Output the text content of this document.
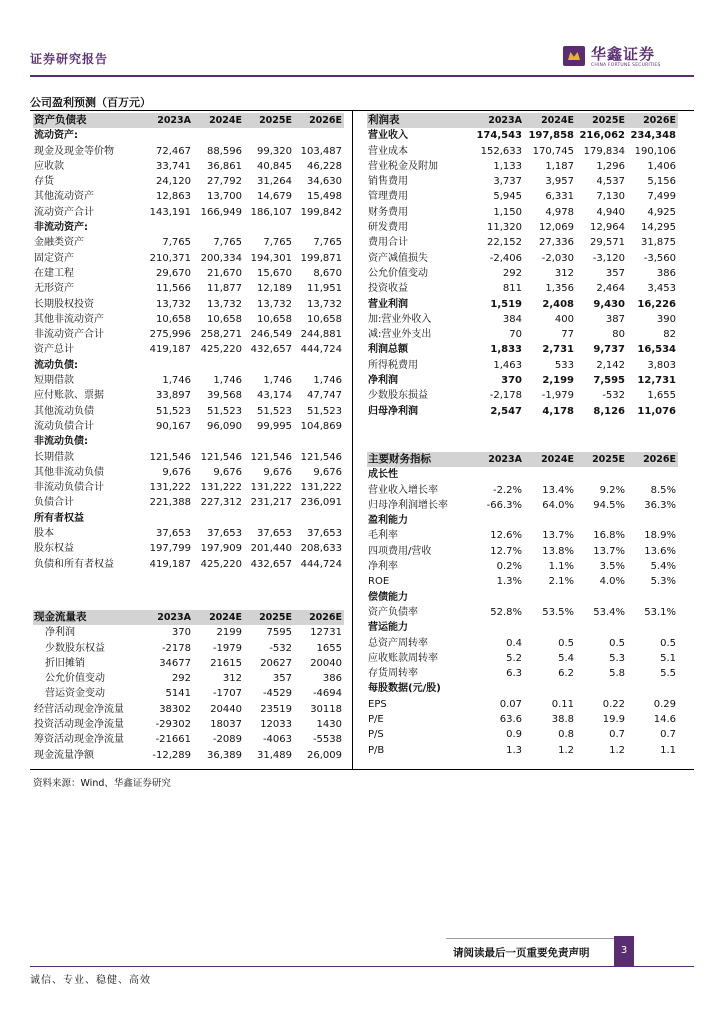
证券研究报告	华鑫证券
CHINA FORTUNE SECURITIES
公司盈利预测（百万元）
资产负债表	2023A	2024E	2025E	2026E
流动资产:				
现金及现金等价物	72,467	88,596	99,320	103,487
应收款	33,741	36,861	40,845	46,228
存货	24,120	27,792	31,264	34,630
其他流动资产	12,863	13,700	14,679	15,498
流动资产合计	143,191	166,949	186,107	199,842
非流动资产:				
金融类资产	7,765	7,765	7,765	7,765
固定资产	210,371	200,334	194,301	199,871
在建工程	29,670	21,670	15,670	8,670
无形资产	11,566	11,877	12,189	11,951
长期股权投资	13,732	13,732	13,732	13,732
其他非流动资产	10,658	10,658	10,658	10,658
非流动资产合计	275,996	258,271	246,549	244,881
资产总计	419,187	425,220	432,657	444,724
流动负债:				
短期借款	1,746	1,746	1,746	1,746
应付账款、票据	33,897	39,568	43,174	47,747
其他流动负债	51,523	51,523	51,523	51,523
流动负债合计	90,167	96,090	99,995	104,869
非流动负债:				
长期借款	121,546	121,546	121,546	121,546
其他非流动负债	9,676	9,676	9,676	9,676
非流动负债合计	131,222	131,222	131,222	131,222
负债合计	221,388	227,312	231,217	236,091
所有者权益				
股本	37,653	37,653	37,653	37,653
股东权益	197,799	197,909	201,440	208,633
负债和所有者权益	419,187	425,220	432,657	444,724
现金流量表	2023A	2024E	2025E	2026E
净利润	370	2199	7595	12731
少数股东权益	-2178	-1979	-532	1655
折旧摊销	34677	21615	20627	20040
公允价值变动	292	312	357	386
营运资金变动	5141	-1707	-4529	-4694
经营活动现金净流量	38302	20440	23519	30118
投资活动现金净流量	-29302	18037	12033	1430
筹资活动现金净流量	-21661	-2089	-4063	-5538
现金流量净额	-12,289	36,389	31,489	26,009
利润表	2023A	2024E	2025E	2026E
营业收入	174,543	197,858	216,062	234,348
营业成本	152,633	170,745	179,834	190,106
营业税金及附加	1,133	1,187	1,296	1,406
销售费用	3,737	3,957	4,537	5,156
管理费用	5,945	6,331	7,130	7,499
财务费用	1,150	4,978	4,940	4,925
研发费用	11,320	12,069	12,964	14,295
费用合计	22,152	27,336	29,571	31,875
资产减值损失	-2,406	-2,030	-3,120	-3,560
公允价值变动	292	312	357	386
投资收益	811	1,356	2,464	3,453
营业利润	1,519	2,408	9,430	16,226
加:营业外收入	384	400	387	390
减:营业外支出	70	77	80	82
利润总额	1,833	2,731	9,737	16,534
所得税费用	1,463	533	2,142	3,803
净利润	370	2,199	7,595	12,731
少数股东损益	-2,178	-1,979	-532	1,655
归母净利润	2,547	4,178	8,126	11,076
主要财务指标	2023A	2024E	2025E	2026E
成长性				
营业收入增长率	-2.2%	13.4%	9.2%	8.5%
归母净利润增长率	-66.3%	64.0%	94.5%	36.3%
盈利能力				
毛利率	12.6%	13.7%	16.8%	18.9%
四项费用/营收	12.7%	13.8%	13.7%	13.6%
净利率	0.2%	1.1%	3.5%	5.4%
ROE	1.3%	2.1%	4.0%	5.3%
偿债能力				
资产负债率	52.8%	53.5%	53.4%	53.1%
营运能力				
总资产周转率	0.4	0.5	0.5	0.5
应收账款周转率	5.2	5.4	5.3	5.1
存货周转率	6.3	6.2	5.8	5.5
每股数据(元/股)				
EPS	0.07	0.11	0.22	0.29
P/E	63.6	38.8	19.9	14.6
P/S	0.9	0.8	0.7	0.7
P/B	1.3	1.2	1.2	1.1
资料来源：Wind、华鑫证券研究
请阅读最后一页重要免责声明	3
诚信、专业、稳健、高效
